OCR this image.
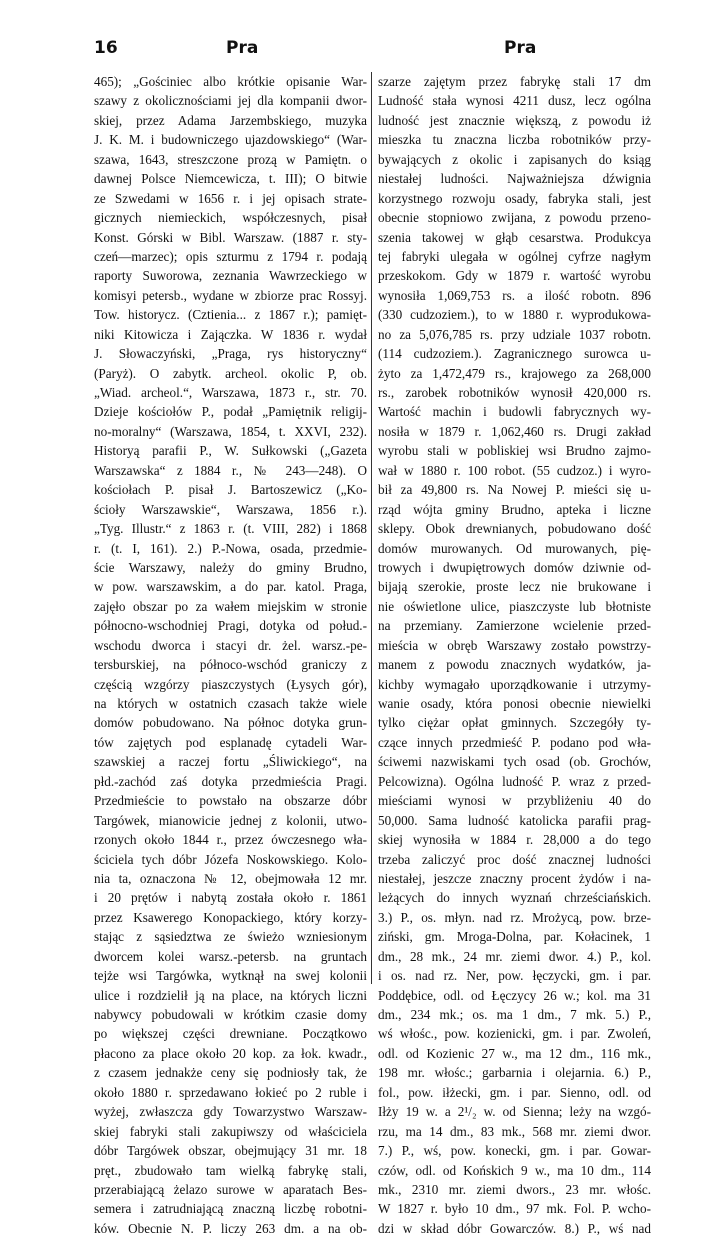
16	Pra	Pra
465); „Gościniec albo krótkie opisanie War-
szawy z okolicznościami jej dla kompanii dwor-
skiej, przez Adama Jarzembskiego, muzyka
J. K. M. i budowniczego ujazdowskiego“ (War-
szawa, 1643, streszczone prozą w Pamiętn. o
dawnej Polsce Niemcewicza, t. III); O bitwie
ze Szwedami w 1656 r. i jej opisach strate-
gicznych niemieckich, współczesnych, pisał
Konst. Górski w Bibl. Warszaw. (1887 r. sty-
czeń—marzec); opis szturmu z 1794 r. podają
raporty Suworowa, zeznania Wawrzeckiego w
komisyi petersb., wydane w zbiorze prac Rossyj.
Tow. historycz. (Cztienia... z 1867 r.); pamięt-
niki Kitowicza i Zajączka. W 1836 r. wydał
J. Słowaczyński, „Praga, rys historyczny“
(Paryż). O zabytk. archeol. okolic P, ob.
„Wiad. archeol.“, Warszawa, 1873 r., str. 70.
Dzieje kościołów P., podał „Pamiętnik religij-
no-moralny“ (Warszawa, 1854, t. XXVI, 232).
Historyą parafii P., W. Sułkowski („Gazeta
Warszawska“ z 1884 r., № 243—248). O
kościołach P. pisał J. Bartoszewicz („Ko-
ścioły Warszawskie“, Warszawa, 1856 r.).
„Tyg. Illustr.“ z 1863 r. (t. VIII, 282) i 1868
r. (t. I, 161). 2.) P.-Nowa, osada, przedmie-
ście Warszawy, należy do gminy Brudno,
w pow. warszawskim, a do par. katol. Praga,
zajęło obszar po za wałem miejskim w stronie
północno-wschodniej Pragi, dotyka od połud.-
wschodu dworca i stacyi dr. żel. warsz.-pe-
tersburskiej, na północo-wschód graniczy z
częścią wzgórzy piaszczystych (Łysych gór),
na których w ostatnich czasach także wiele
domów pobudowano. Na północ dotyka grun-
tów zajętych pod esplanadę cytadeli War-
szawskiej a raczej fortu „Śliwickiego“, na
płd.-zachód zaś dotyka przedmieścia Pragi.
Przedmieście to powstało na obszarze dóbr
Targówek, mianowicie jednej z kolonii, utwo-
rzonych około 1844 r., przez ówczesnego wła-
ściciela tych dóbr Józefa Noskowskiego. Kolo-
nia ta, oznaczona № 12, obejmowała 12 mr.
i 20 prętów i nabytą została około r. 1861
przez Ksawerego Konopackiego, który korzy-
stając z sąsiedztwa ze świeżo wzniesionym
dworcem kolei warsz.-petersb. na gruntach
tejże wsi Targówka, wytknął na swej kolonii
ulice i rozdzielił ją na place, na których liczni
nabywcy pobudowali w krótkim czasie domy
po większej części drewniane. Początkowo
płacono za place około 20 kop. za łok. kwadr.,
z czasem jednakże ceny się podniosły tak, że
około 1880 r. sprzedawano łokieć po 2 ruble i
wyżej, zwłaszcza gdy Towarzystwo Warszaw-
skiej fabryki stali zakupiwszy od właściciela
dóbr Targówek obszar, obejmujący 31 mr. 18
pręt., zbudowało tam wielką fabrykę stali,
przerabiającą żelazo surowe w aparatach Bes-
semera i zatrudniającą znaczną liczbę robotni-
ków. Obecnie N. P. liczy 263 dm. a na ob-
szarze zajętym przez fabrykę stali 17 dm
Ludność stała wynosi 4211 dusz, lecz ogólna
ludność jest znacznie większą, z powodu iż
mieszka tu znaczna liczba robotników przy-
bywających z okolic i zapisanych do ksiąg
niestałej ludności. Najważniejsza dźwignia
korzystnego rozwoju osady, fabryka stali, jest
obecnie stopniowo zwijana, z powodu przeno-
szenia takowej w głąb cesarstwa. Produkcya
tej fabryki ulegała w ogólnej cyfrze nagłym
przeskokom. Gdy w 1879 r. wartość wyrobu
wynosiła 1,069,753 rs. a ilość robotn. 896
(330 cudzoziem.), to w 1880 r. wyprodukowa-
no za 5,076,785 rs. przy udziale 1037 robotn.
(114 cudzoziem.). Zagranicznego surowca u-
żyto za 1,472,479 rs., krajowego za 268,000
rs., zarobek robotników wynosił 420,000 rs.
Wartość machin i budowli fabrycznych wy-
nosiła w 1879 r. 1,062,460 rs. Drugi zakład
wyrobu stali w pobliskiej wsi Brudno zajmo-
wał w 1880 r. 100 robot. (55 cudzoz.) i wyro-
bił za 49,800 rs. Na Nowej P. mieści się u-
rząd wójta gminy Brudno, apteka i liczne
sklepy. Obok drewnianych, pobudowano dość
domów murowanych. Od murowanych, pię-
trowych i dwupiętrowych domów dziwnie od-
bijają szerokie, proste lecz nie brukowane i
nie oświetlone ulice, piaszczyste lub błotniste
na przemiany. Zamierzone wcielenie przed-
mieścia w obręb Warszawy zostało powstrzy-
manem z powodu znacznych wydatków, ja-
kichby wymagało uporządkowanie i utrzymy-
wanie osady, która ponosi obecnie niewielki
tylko ciężar opłat gminnych. Szczegóły ty-
czące innych przedmieść P. podano pod wła-
ściwemi nazwiskami tych osad (ob. Grochów,
Pelcowizna). Ogólna ludność P. wraz z przed-
mieściami wynosi w przybliżeniu 40 do
50,000. Sama ludność katolicka parafii prag-
skiej wynosiła w 1884 r. 28,000 a do tego
trzeba zaliczyć proc dość znacznej ludności
niestałej, jeszcze znaczny procent żydów i na-
leżących do innych wyznań chrześciańskich.
3.) P., os. młyn. nad rz. Mrożycą, pow. brze-
ziński, gm. Mroga-Dolna, par. Kołacinek, 1
dm., 28 mk., 24 mr. ziemi dwor. 4.) P., kol.
i os. nad rz. Ner, pow. łęczycki, gm. i par.
Poddębice, odl. od Łęczycy 26 w.; kol. ma 31
dm., 234 mk.; os. ma 1 dm., 7 mk. 5.) P.,
wś włośc., pow. kozienicki, gm. i par. Zwoleń,
odl. od Kozienic 27 w., ma 12 dm., 116 mk.,
198 mr. włośc.; garbarnia i olejarnia. 6.) P.,
fol., pow. iłżecki, gm. i par. Sienno, odl. od
Iłży 19 w. a 2¹/₂ w. od Sienna; leży na wzgó-
rzu, ma 14 dm., 83 mk., 568 mr. ziemi dwor.
7.) P., wś, pow. konecki, gm. i par. Gowar-
czów, odl. od Końskich 9 w., ma 10 dm., 114
mk., 2310 mr. ziemi dwors., 23 mr. włośc.
W 1827 r. było 10 dm., 97 mk. Fol. P. wcho-
dzi w skład dóbr Gowarczów. 8.) P., wś nad
